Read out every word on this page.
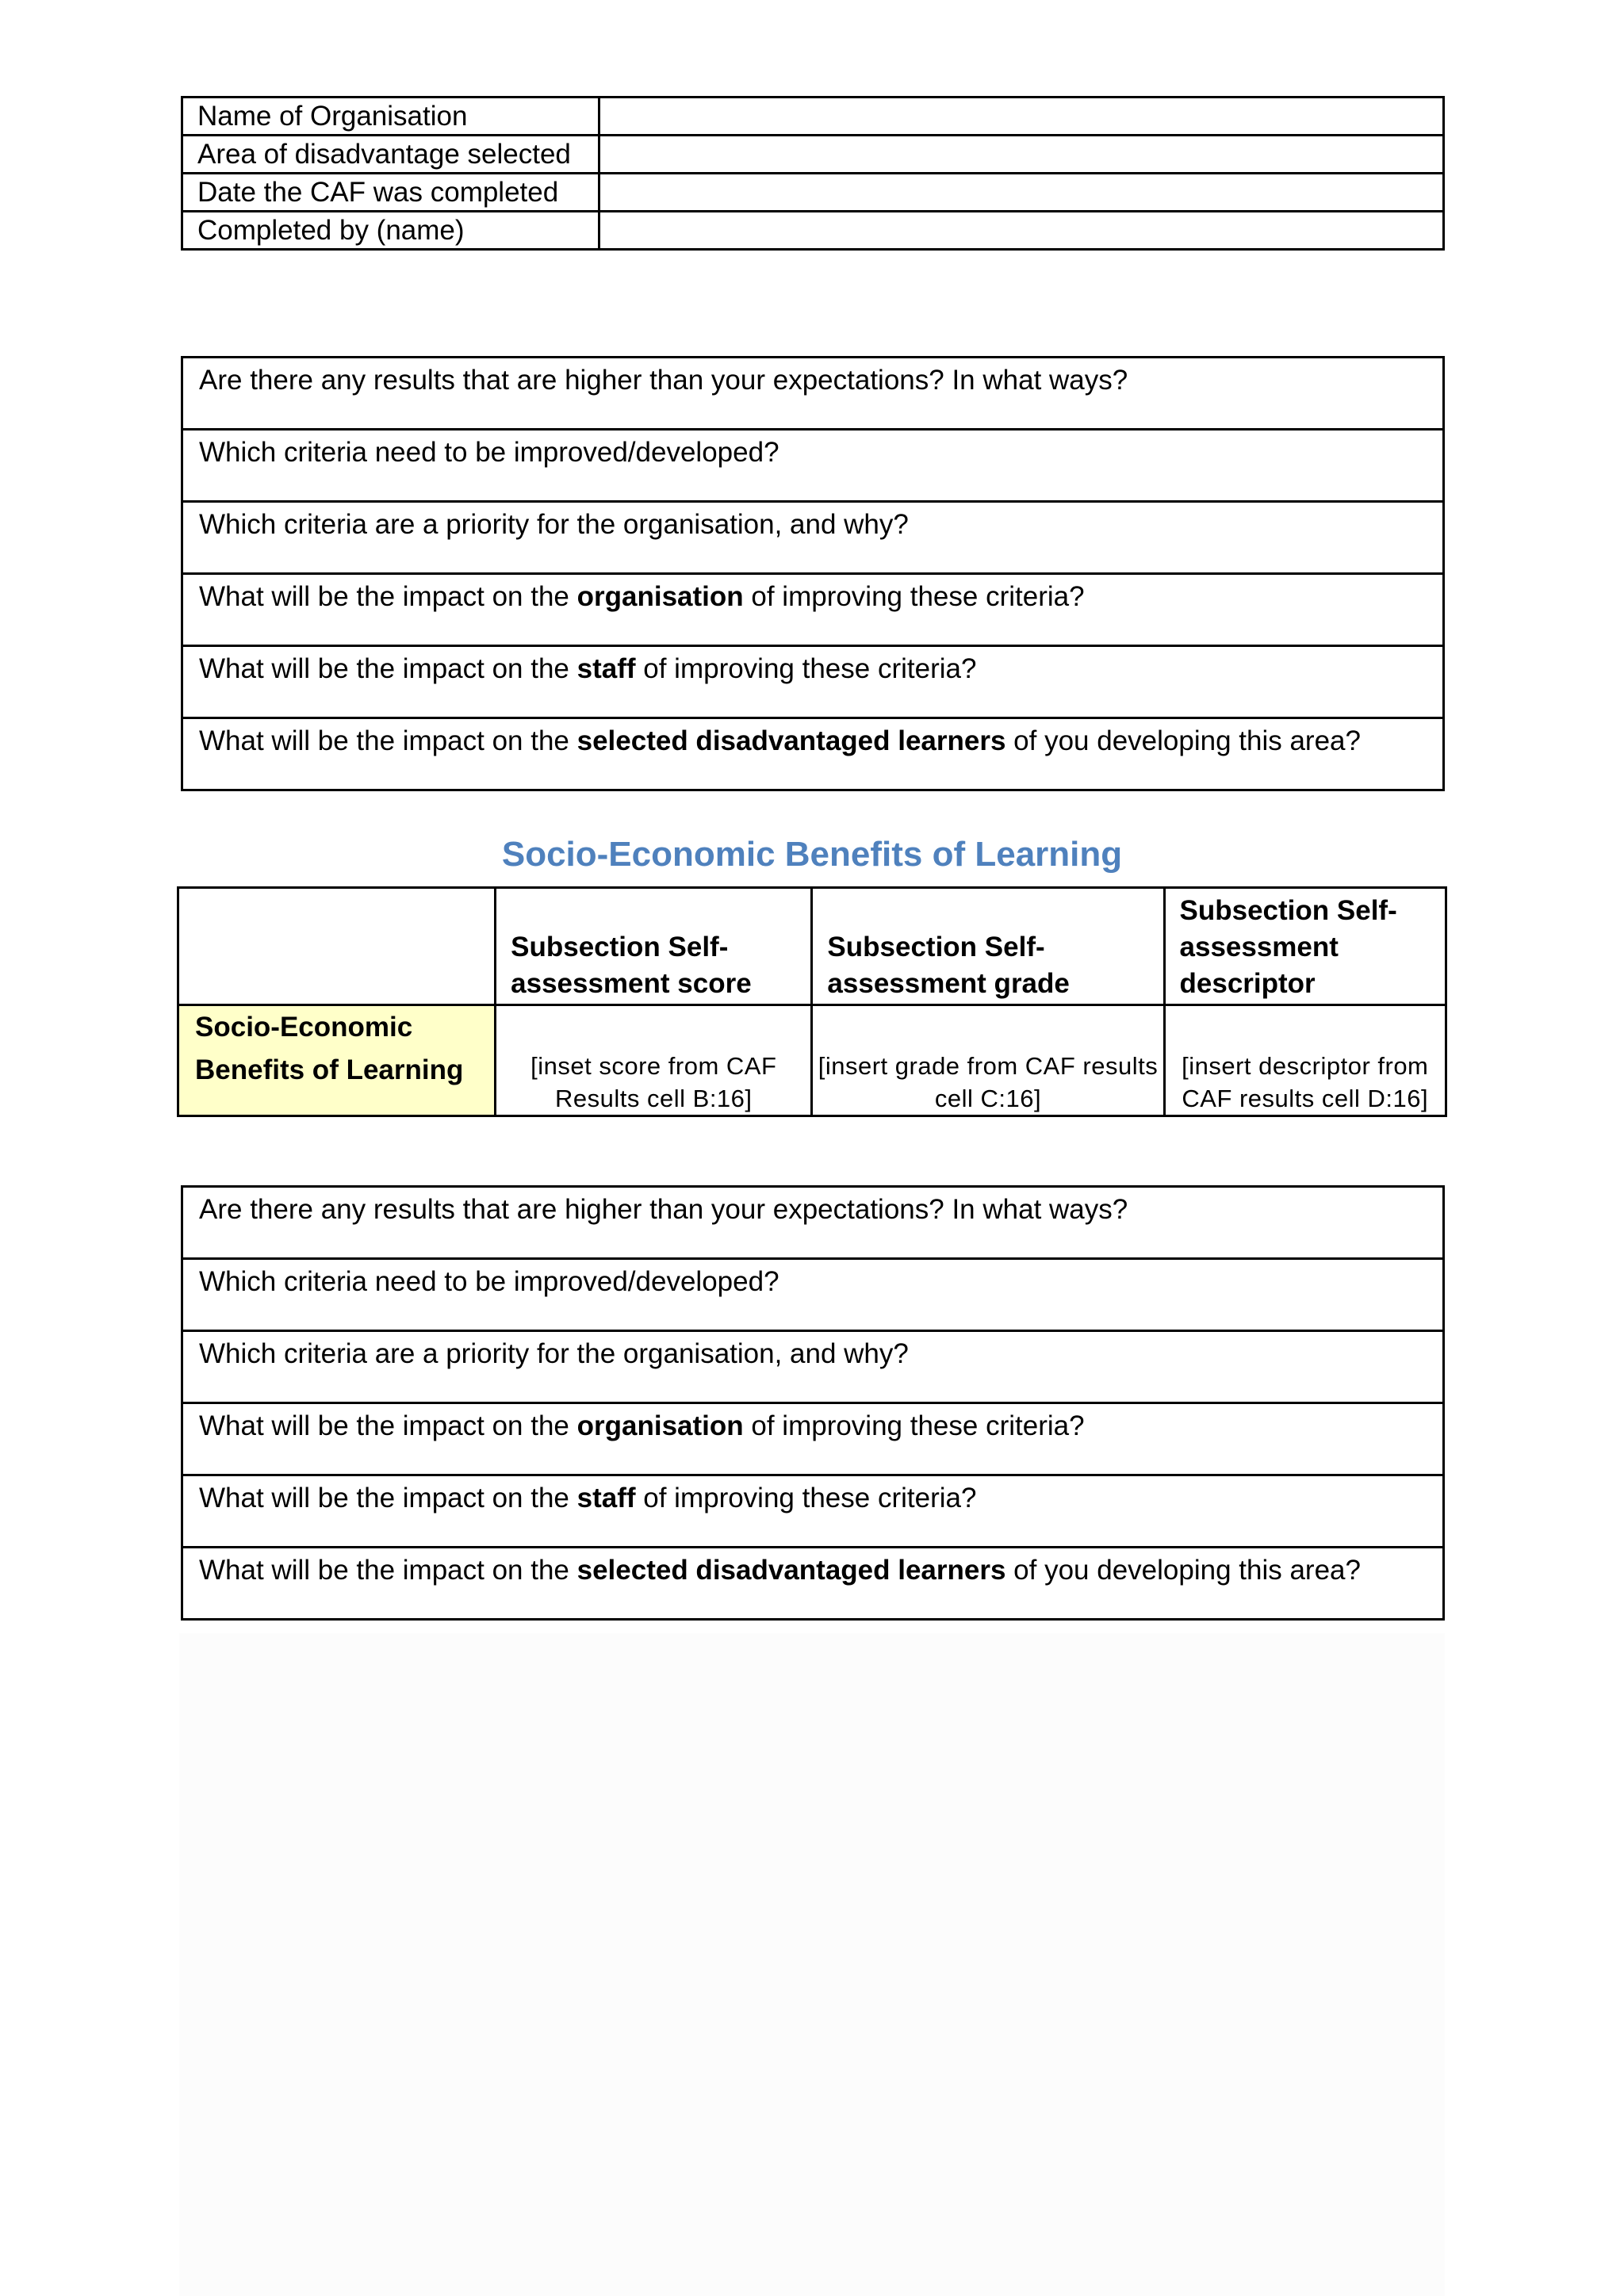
Name of Organisation	
Area of disadvantage selected	
Date the CAF was completed	
Completed by (name)	
Are there any results that are higher than your expectations? In what ways?
Which criteria need to be improved/developed?
Which criteria are a priority for the organisation, and why?
What will be the impact on the organisation of improving these criteria?
What will be the impact on the staff of improving these criteria?
What will be the impact on the selected disadvantaged learners of you developing this area?
Socio-Economic Benefits of Learning
	Subsection Self-assessment score	Subsection Self-assessment grade	Subsection Self-assessment descriptor
Socio-Economic Benefits of Learning	[inset score from CAF Results cell B:16]	[insert grade from CAF results cell C:16]	[insert descriptor from CAF results cell D:16]
Are there any results that are higher than your expectations? In what ways?
Which criteria need to be improved/developed?
Which criteria are a priority for the organisation, and why?
What will be the impact on the organisation of improving these criteria?
What will be the impact on the staff of improving these criteria?
What will be the impact on the selected disadvantaged learners of you developing this area?
